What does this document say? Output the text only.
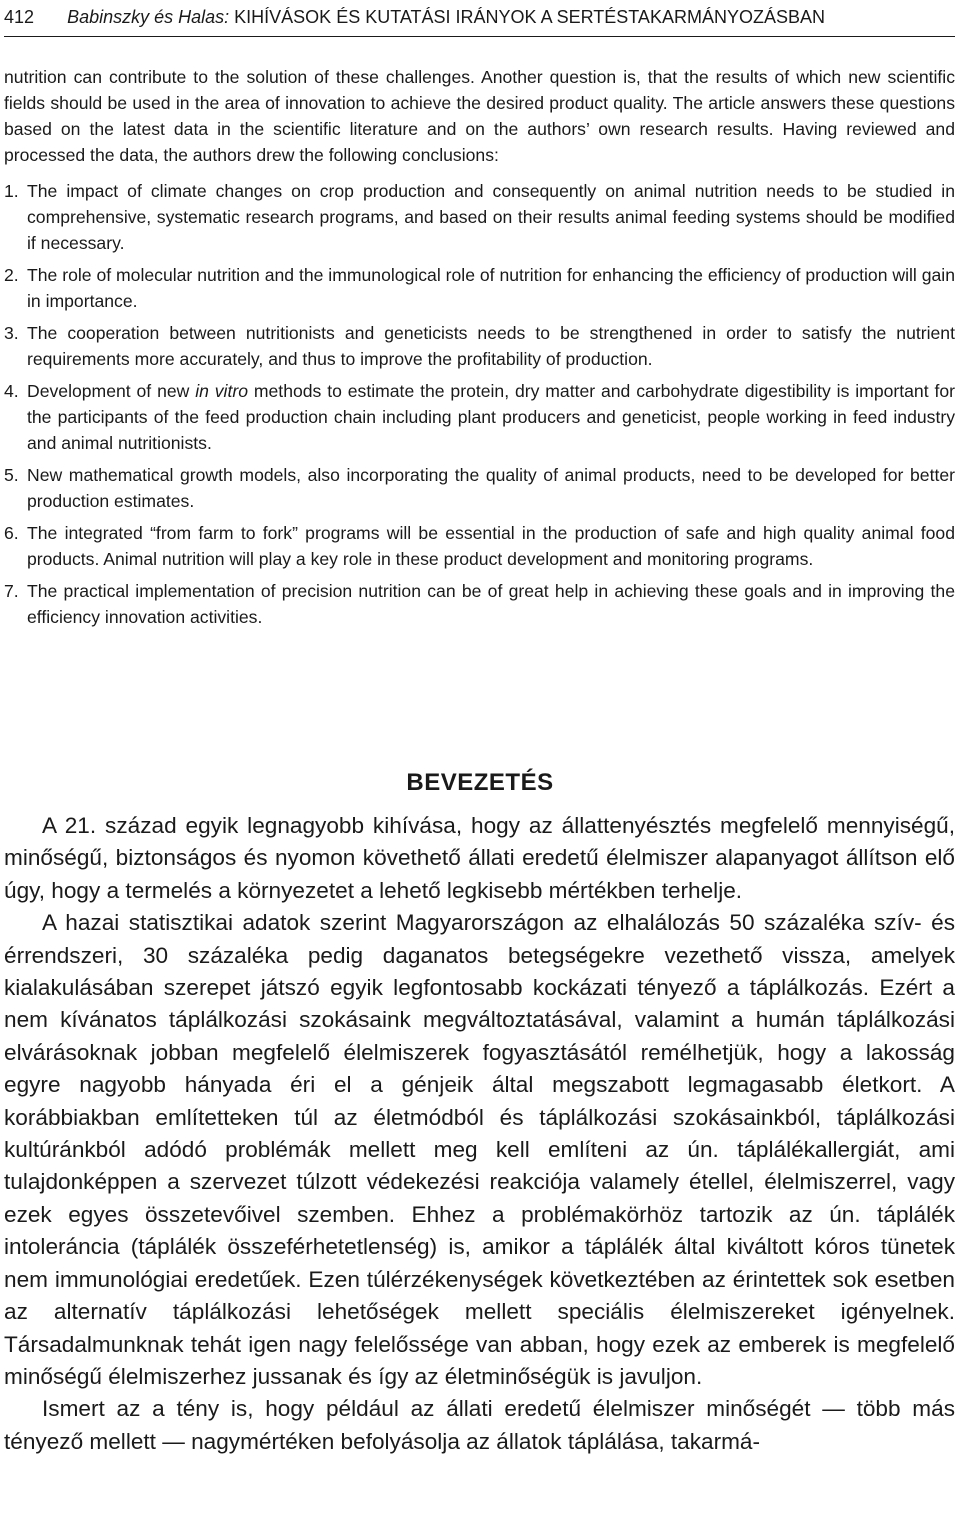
412 Babinszky és Halas: KIHÍVÁSOK ÉS KUTATÁSI IRÁNYOK A SERTÉSTAKARMÁNYOZÁSBAN

nutrition can contribute to the solution of these challenges. Another question is, that the results of which new scientific fields should be used in the area of innovation to achieve the desired product quality. The article answers these questions based on the latest data in the scientific literature and on the authors’ own research results. Having reviewed and processed the data, the authors drew the following conclusions:

1. The impact of climate changes on crop production and consequently on animal nutrition needs to be studied in comprehensive, systematic research programs, and based on their results animal feeding systems should be modified if necessary.
2. The role of molecular nutrition and the immunological role of nutrition for enhancing the efficiency of production will gain in importance.
3. The cooperation between nutritionists and geneticists needs to be strengthened in order to satisfy the nutrient requirements more accurately, and thus to improve the profitability of production.
4. Development of new in vitro methods to estimate the protein, dry matter and carbohydrate digestibility is important for the participants of the feed production chain including plant producers and geneticist, people working in feed industry and animal nutritionists.
5. New mathematical growth models, also incorporating the quality of animal products, need to be developed for better production estimates.
6. The integrated “from farm to fork” programs will be essential in the production of safe and high quality animal food products. Animal nutrition will play a key role in these product development and monitoring programs.
7. The practical implementation of precision nutrition can be of great help in achieving these goals and in improving the efficiency innovation activities.
BEVEZETÉS

A 21. század egyik legnagyobb kihívása, hogy az állattenyésztés megfelelő mennyiségű, minőségű, biztonságos és nyomon követhető állati eredetű élelmiszer alapanyagot állítson elő úgy, hogy a termelés a környezetet a lehető legkisebb mértékben terhelje.

A hazai statisztikai adatok szerint Magyarországon az elhalálozás 50 százaléka szív- és érrendszeri, 30 százaléka pedig daganatos betegségekre vezethető vissza, amelyek kialakulásában szerepet játszó egyik legfontosabb kockázati tényező a táplálkozás. Ezért a nem kívánatos táplálkozási szokásaink megváltoztatásával, valamint a humán táplálkozási elvárásoknak jobban megfelelő élelmiszerek fogyasztásától remélhetjük, hogy a lakosság egyre nagyobb hányada éri el a génjeik által megszabott legmagasabb életkort. A korábbiakban említetteken túl az életmódból és táplálkozási szokásainkból, táplálkozási kultúránkból adódó problémák mellett meg kell említeni az ún. táplálékallergiát, ami tulajdonképpen a szervezet túlzott védekezési reakciója valamely étellel, élelmiszerrel, vagy ezek egyes összetevőivel szemben. Ehhez a problémakörhöz tartozik az ún. táplálék intoleráncia (táplálék összeférhetetlenség) is, amikor a táplálék által kiváltott kóros tünetek nem immunológiai eredetűek. Ezen túlérzékenységek következtében az érintettek sok esetben az alternatív táplálkozási lehetőségek mellett speciális élelmiszereket igényelnek. Társadalmunknak tehát igen nagy felelőssége van abban, hogy ezek az emberek is megfelelő minőségű élelmiszerhez jussanak és így az életminőségük is javuljon.

Ismert az a tény is, hogy például az állati eredetű élelmiszer minőségét — több más tényező mellett — nagymértéken befolyásolja az állatok táplálása, takarmá-
